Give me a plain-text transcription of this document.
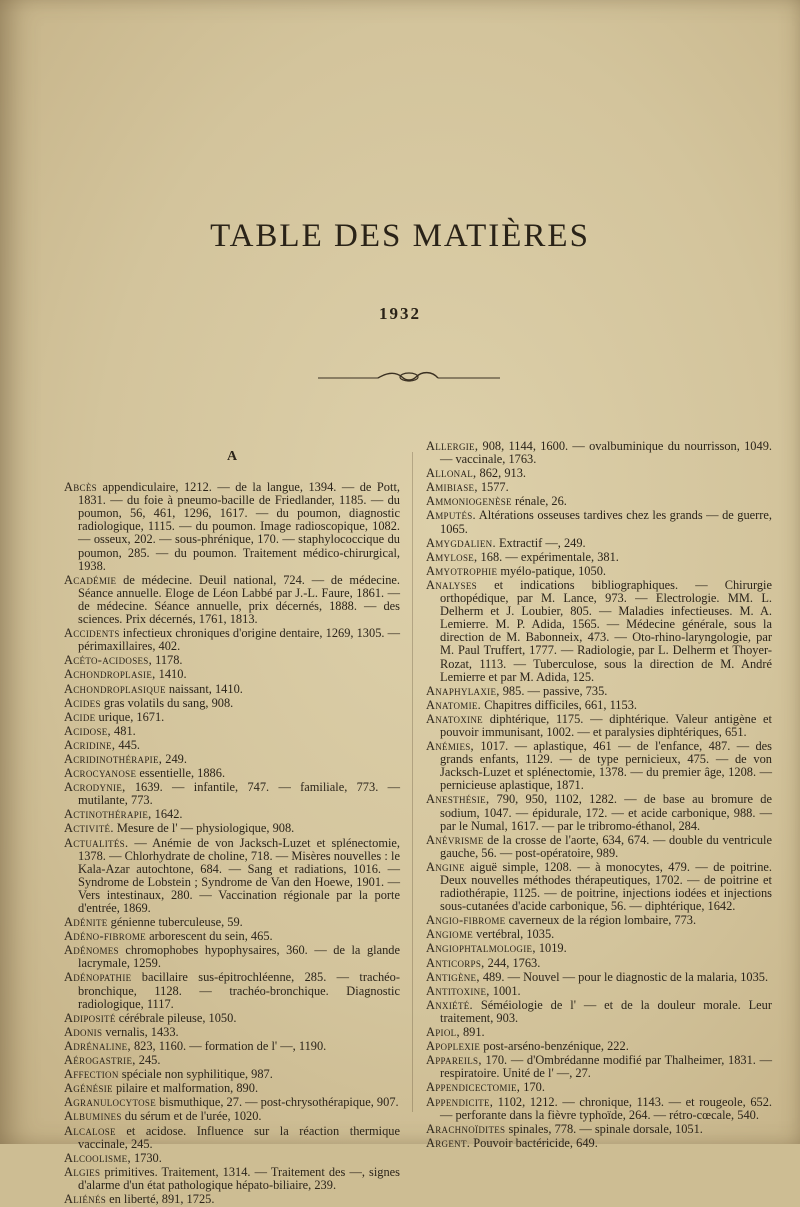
TABLE DES MATIÈRES
1932
A
Abcès appendiculaire, 1212. — de la langue, 1394. — de Pott, 1831. — du foie à pneumo-bacille de Friedlander, 1185. — du poumon, 56, 461, 1296, 1617. — du poumon, diagnostic radiologique, 1115. — du poumon. Image radioscopique, 1082. — osseux, 202. — sous-phrénique, 170. — staphylococcique du poumon, 285. — du poumon. Traitement médico-chirurgical, 1938.
Académie de médecine. Deuil national, 724. — de médecine. Séance annuelle. Eloge de Léon Labbé par J.-L. Faure, 1861. — de médecine. Séance annuelle, prix décernés, 1888. — des sciences. Prix décernés, 1761, 1813.
Accidents infectieux chroniques d'origine dentaire, 1269, 1305. — périmaxillaires, 402.
Acéto-acidoses, 1178.
Achondroplasie, 1410.
Achondroplasique naissant, 1410.
Acides gras volatils du sang, 908.
Acide urique, 1671.
Acidose, 481.
Acridine, 445.
Acridinothérapie, 249.
Acrocyanose essentielle, 1886.
Acrodynie, 1639. — infantile, 747. — familiale, 773. — mutilante, 773.
Actinothérapie, 1642.
Activité. Mesure de l' — physiologique, 908.
Actualités. — Anémie de von Jacksch-Luzet et splénectomie, 1378. — Chlorhydrate de choline, 718. — Misères nouvelles : le Kala-Azar autochtone, 684. — Sang et radiations, 1016. — Syndrome de Lobstein ; Syndrome de Van den Hoewe, 1901. — Vers intestinaux, 280. — Vaccination régionale par la porte d'entrée, 1869.
Adénite génienne tuberculeuse, 59.
Adéno-fibrome arborescent du sein, 465.
Adénomes chromophobes hypophysaires, 360. — de la glande lacrymale, 1259.
Adénopathie bacillaire sus-épitrochléenne, 285. — trachéo-bronchique, 1128. — trachéo-bronchique. Diagnostic radiologique, 1117.
Adiposité cérébrale pileuse, 1050.
Adonis vernalis, 1433.
Adrénaline, 823, 1160. — formation de l' —, 1190.
Aérogastrie, 245.
Affection spéciale non syphilitique, 987.
Agénésie pilaire et malformation, 890.
Agranulocytose bismuthique, 27. — post-chrysothérapique, 907.
Albumines du sérum et de l'urée, 1020.
Alcalose et acidose. Influence sur la réaction thermique vaccinale, 245.
Alcoolisme, 1730.
Algies primitives. Traitement, 1314. — Traitement des —, signes d'alarme d'un état pathologique hépato-biliaire, 239.
Aliénés en liberté, 891, 1725.
Allergie, 908, 1144, 1600. — ovalbuminique du nourrisson, 1049. — vaccinale, 1763.
Allonal, 862, 913.
Amibiase, 1577.
Ammoniogenèse rénale, 26.
Amputés. Altérations osseuses tardives chez les grands — de guerre, 1065.
Amygdalien. Extractif —, 249.
Amylose, 168. — expérimentale, 381.
Amyotrophie myélo-patique, 1050.
Analyses et indications bibliographiques. — Chirurgie orthopédique, par M. Lance, 973. — Electrologie. MM. L. Delherm et J. Loubier, 805. — Maladies infectieuses. M. A. Lemierre. M. P. Adida, 1565. — Médecine générale, sous la direction de M. Babonneix, 473. — Oto-rhino-laryngologie, par M. Paul Truffert, 1777. — Radiologie, par L. Delherm et Thoyer-Rozat, 1113. — Tuberculose, sous la direction de M. André Lemierre et par M. Adida, 125.
Anaphylaxie, 985. — passive, 735.
Anatomie. Chapitres difficiles, 661, 1153.
Anatoxine diphtérique, 1175. — diphtérique. Valeur antigène et pouvoir immunisant, 1002. — et paralysies diphtériques, 651.
Anémies, 1017. — aplastique, 461 — de l'enfance, 487. — des grands enfants, 1129. — de type pernicieux, 475. — de von Jacksch-Luzet et splénectomie, 1378. — du premier âge, 1208. — pernicieuse aplastique, 1871.
Anesthésie, 790, 950, 1102, 1282. — de base au bromure de sodium, 1047. — épidurale, 172. — et acide carbonique, 988. — par le Numal, 1617. — par le tribromo-éthanol, 284.
Anévrisme de la crosse de l'aorte, 634, 674. — double du ventricule gauche, 56. — post-opératoire, 989.
Angine aiguë simple, 1208. — à monocytes, 479. — de poitrine. Deux nouvelles méthodes thérapeutiques, 1702. — de poitrine et radiothérapie, 1125. — de poitrine, injections iodées et injections sous-cutanées d'acide carbonique, 56. — diphtérique, 1642.
Angio-fibrome caverneux de la région lombaire, 773.
Angiome vertébral, 1035.
Angiophtalmologie, 1019.
Anticorps, 244, 1763.
Antigène, 489. — Nouvel — pour le diagnostic de la malaria, 1035.
Antitoxine, 1001.
Anxiété. Séméiologie de l' — et de la douleur morale. Leur traitement, 903.
Apiol, 891.
Apoplexie post-arséno-benzénique, 222.
Appareils, 170. — d'Ombrédanne modifié par Thalheimer, 1831. — respiratoire. Unité de l' —, 27.
Appendicectomie, 170.
Appendicite, 1102, 1212. — chronique, 1143. — et rougeole, 652. — perforante dans la fièvre typhoïde, 264. — rétro-cœcale, 540.
Arachnoïdites spinales, 778. — spinale dorsale, 1051.
Argent. Pouvoir bactéricide, 649.
